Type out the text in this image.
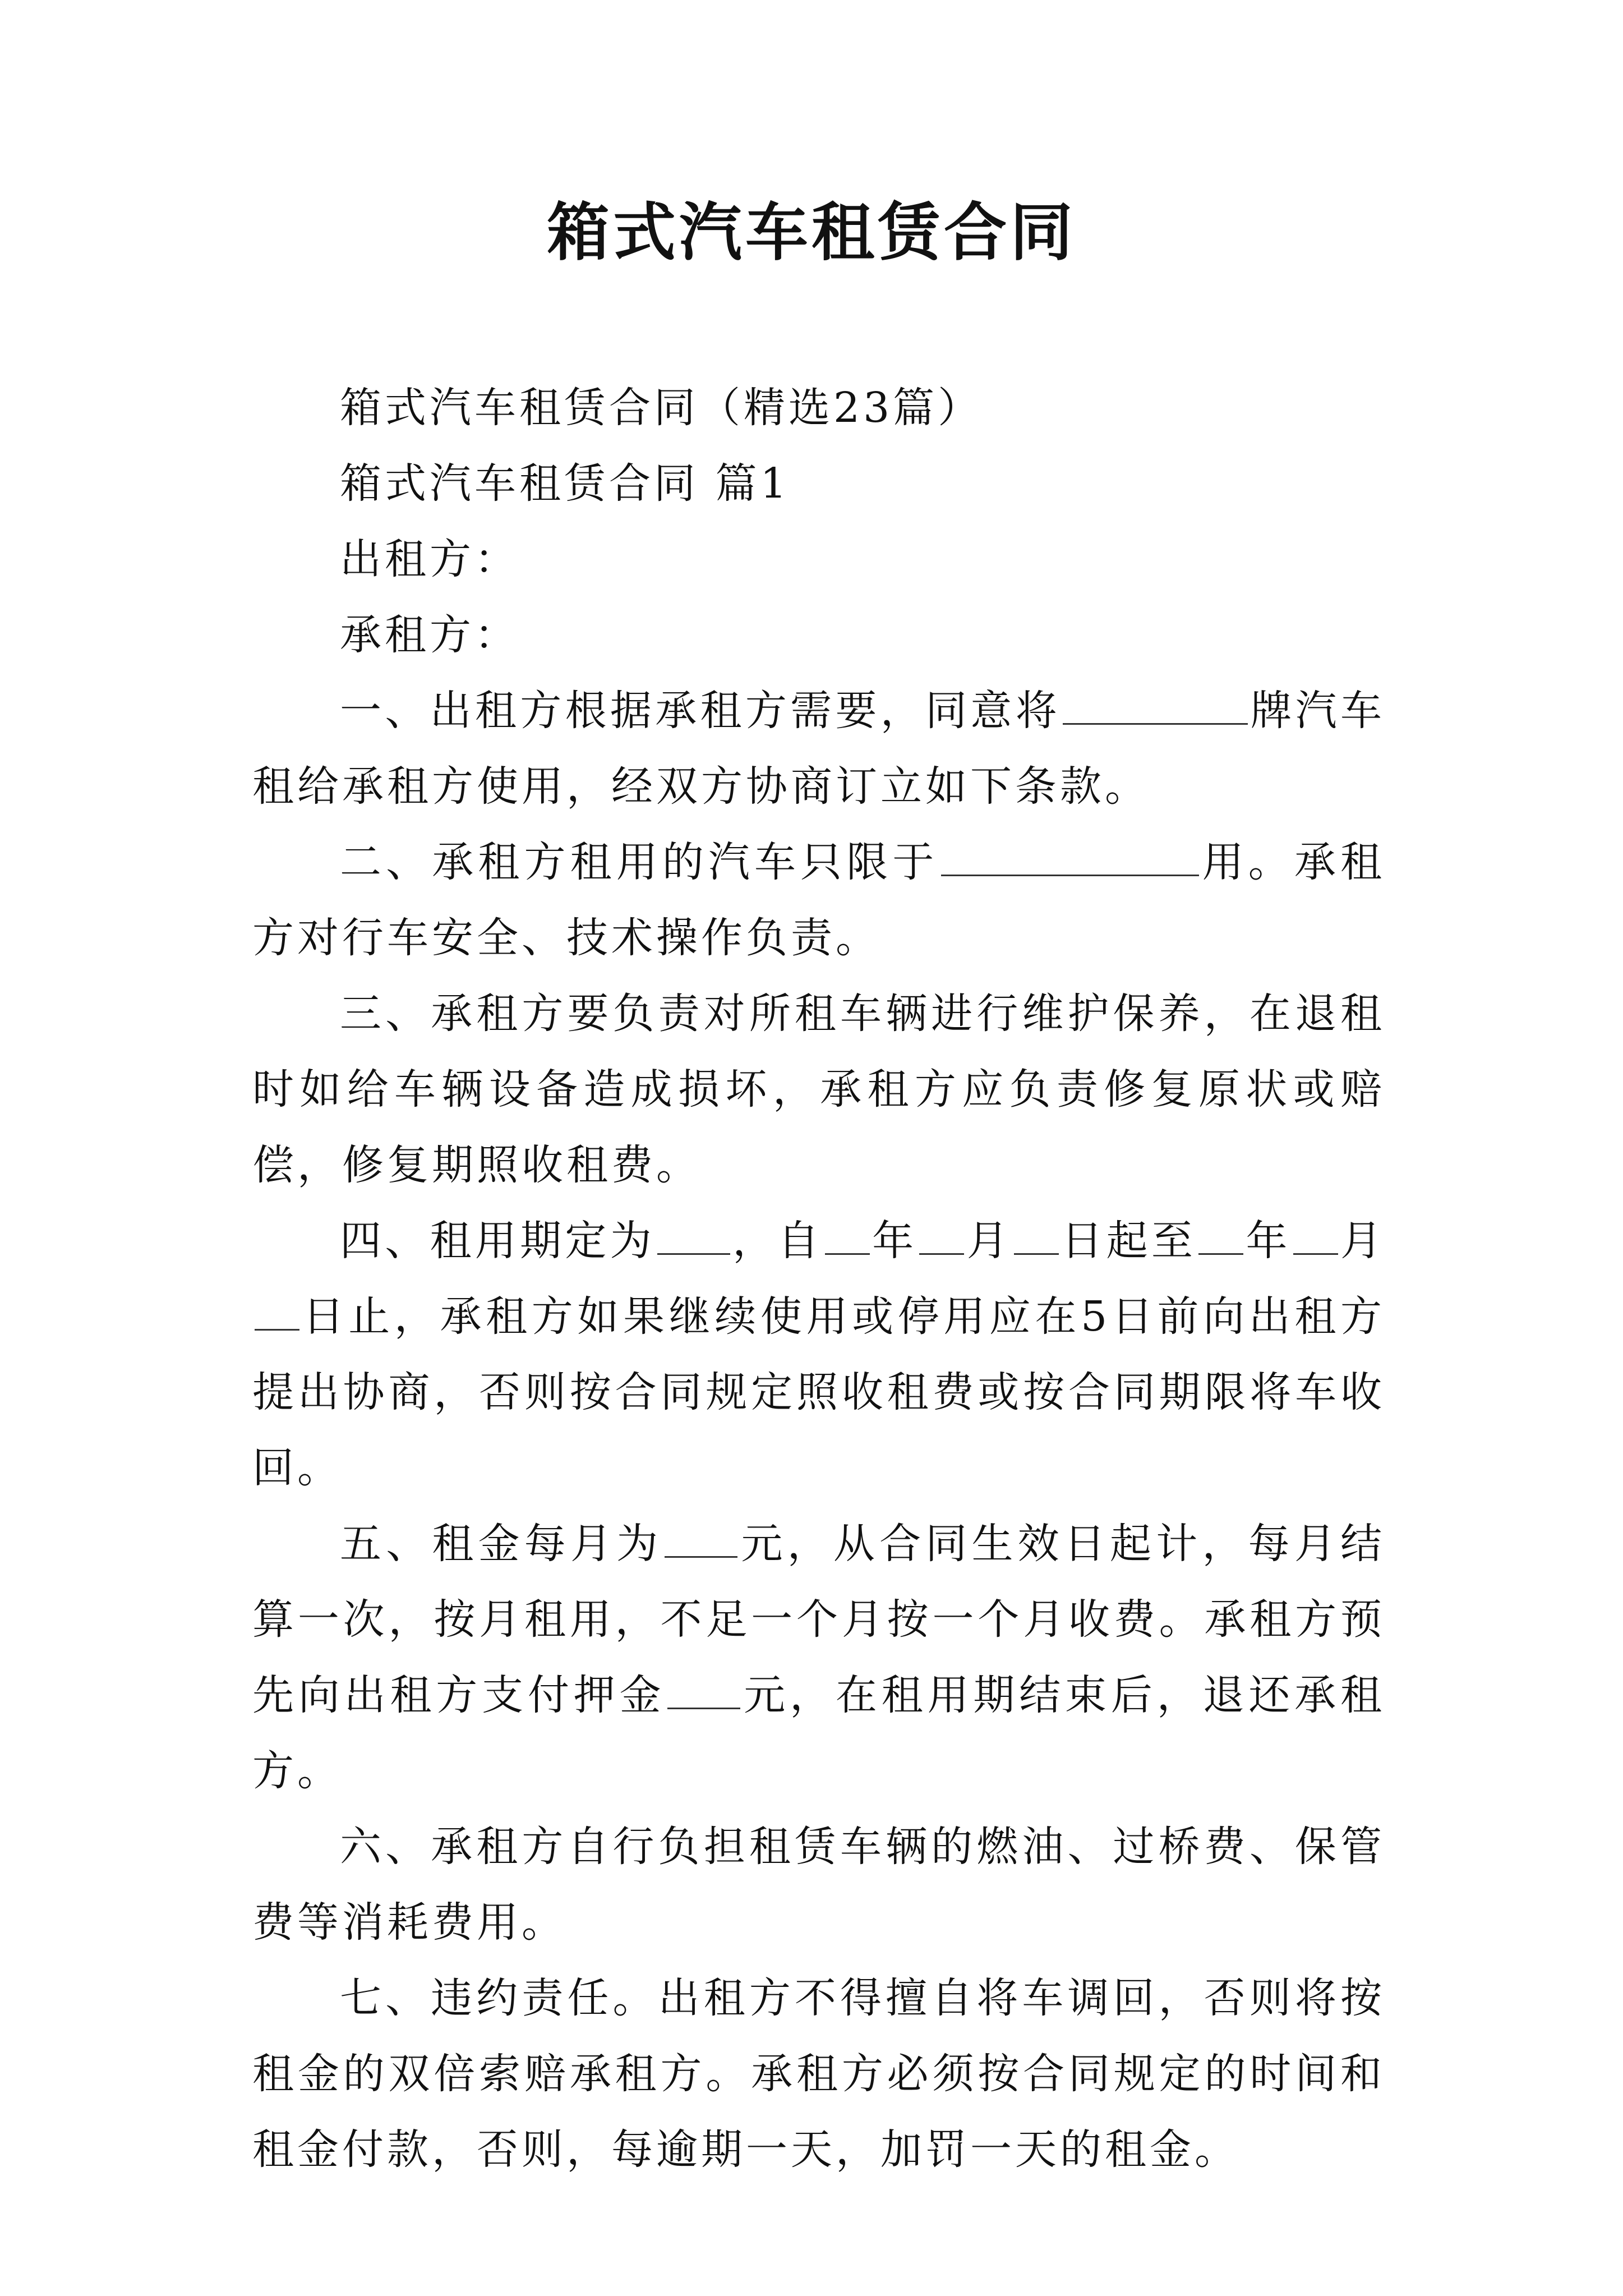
箱式汽车租赁合同

箱式汽车租赁合同（精选23篇）

箱式汽车租赁合同 篇1

出租方：

承租方：

一、出租方根据承租方需要，同意将	牌汽车租给承租方使用，经双方协商订立如下条款。

二、承租方租用的汽车只限于	用。承租方对行车安全、技术操作负责。

三、承租方要负责对所租车辆进行维护保养，在退租时如给车辆设备造成损坏，承租方应负责修复原状或赔偿，修复期照收租费。

四、租用期定为 ，自 年 月 日起至 年 月日止，承租方如果继续使用或停用应在5日前向出租方提出协商，否则按合同规定照收租费或按合同期限将车收回。

五、租金每月为 元，从合同生效日起计，每月结算一次，按月租用，不足一个月按一个月收费。承租方预先向出租方支付押金 元，在租用期结束后，退还承租方。

六、承租方自行负担租赁车辆的燃油、过桥费、保管费等消耗费用。

七、违约责任。出租方不得擅自将车调回，否则将按租金的双倍索赔承租方。承租方必须按合同规定的时间和租金付款，否则，每逾期一天，加罚一天的租金。
